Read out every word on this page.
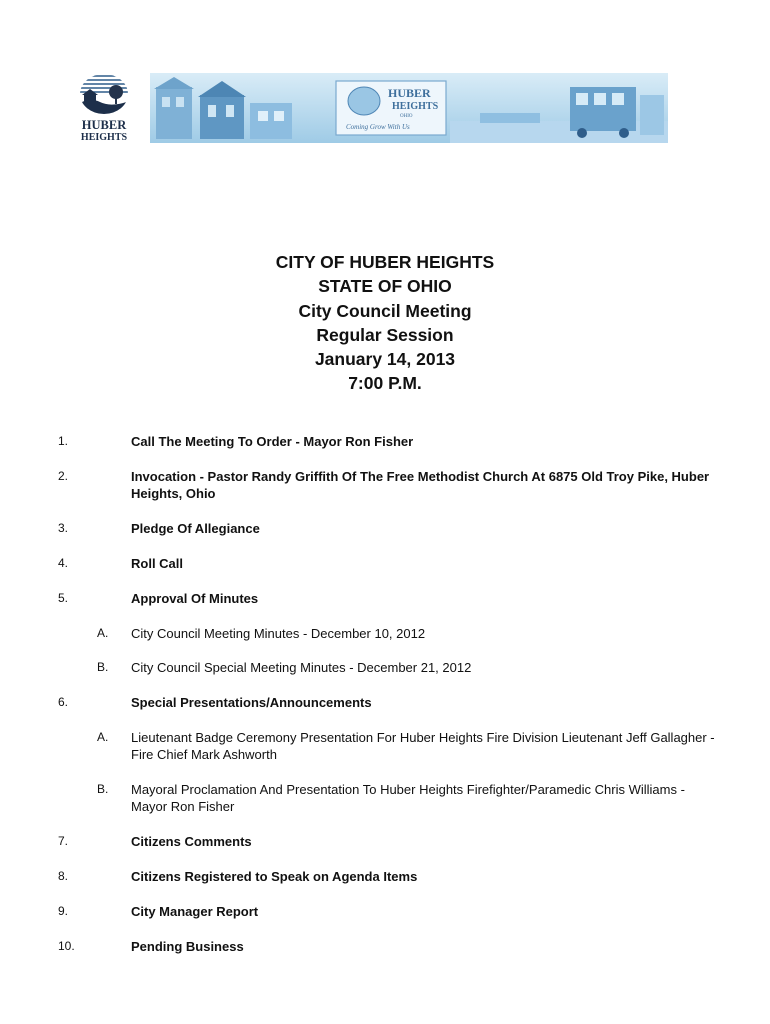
HUBER
HEIGHTS
HUBER
HEIGHTS
OHIO
Coming Grow With Us
CITY OF HUBER HEIGHTS
STATE OF OHIO
City Council Meeting
Regular Session
January 14, 2013
7:00 P.M.
1.	Call The Meeting To Order - Mayor Ron Fisher
2.	Invocation - Pastor Randy Griffith Of The Free Methodist Church At 6875 Old Troy Pike, Huber Heights, Ohio
3.	Pledge Of Allegiance
4.	Roll Call
5.	Approval Of Minutes
A. City Council Meeting Minutes - December 10, 2012
B. City Council Special Meeting Minutes - December 21, 2012
6.	Special Presentations/Announcements
A. Lieutenant Badge Ceremony Presentation For Huber Heights Fire Division Lieutenant Jeff Gallagher - Fire Chief Mark Ashworth
B. Mayoral Proclamation And Presentation To Huber Heights Firefighter/Paramedic Chris Williams - Mayor Ron Fisher
7.	Citizens Comments
8.	Citizens Registered to Speak on Agenda Items
9.	City Manager Report
10.	Pending Business
